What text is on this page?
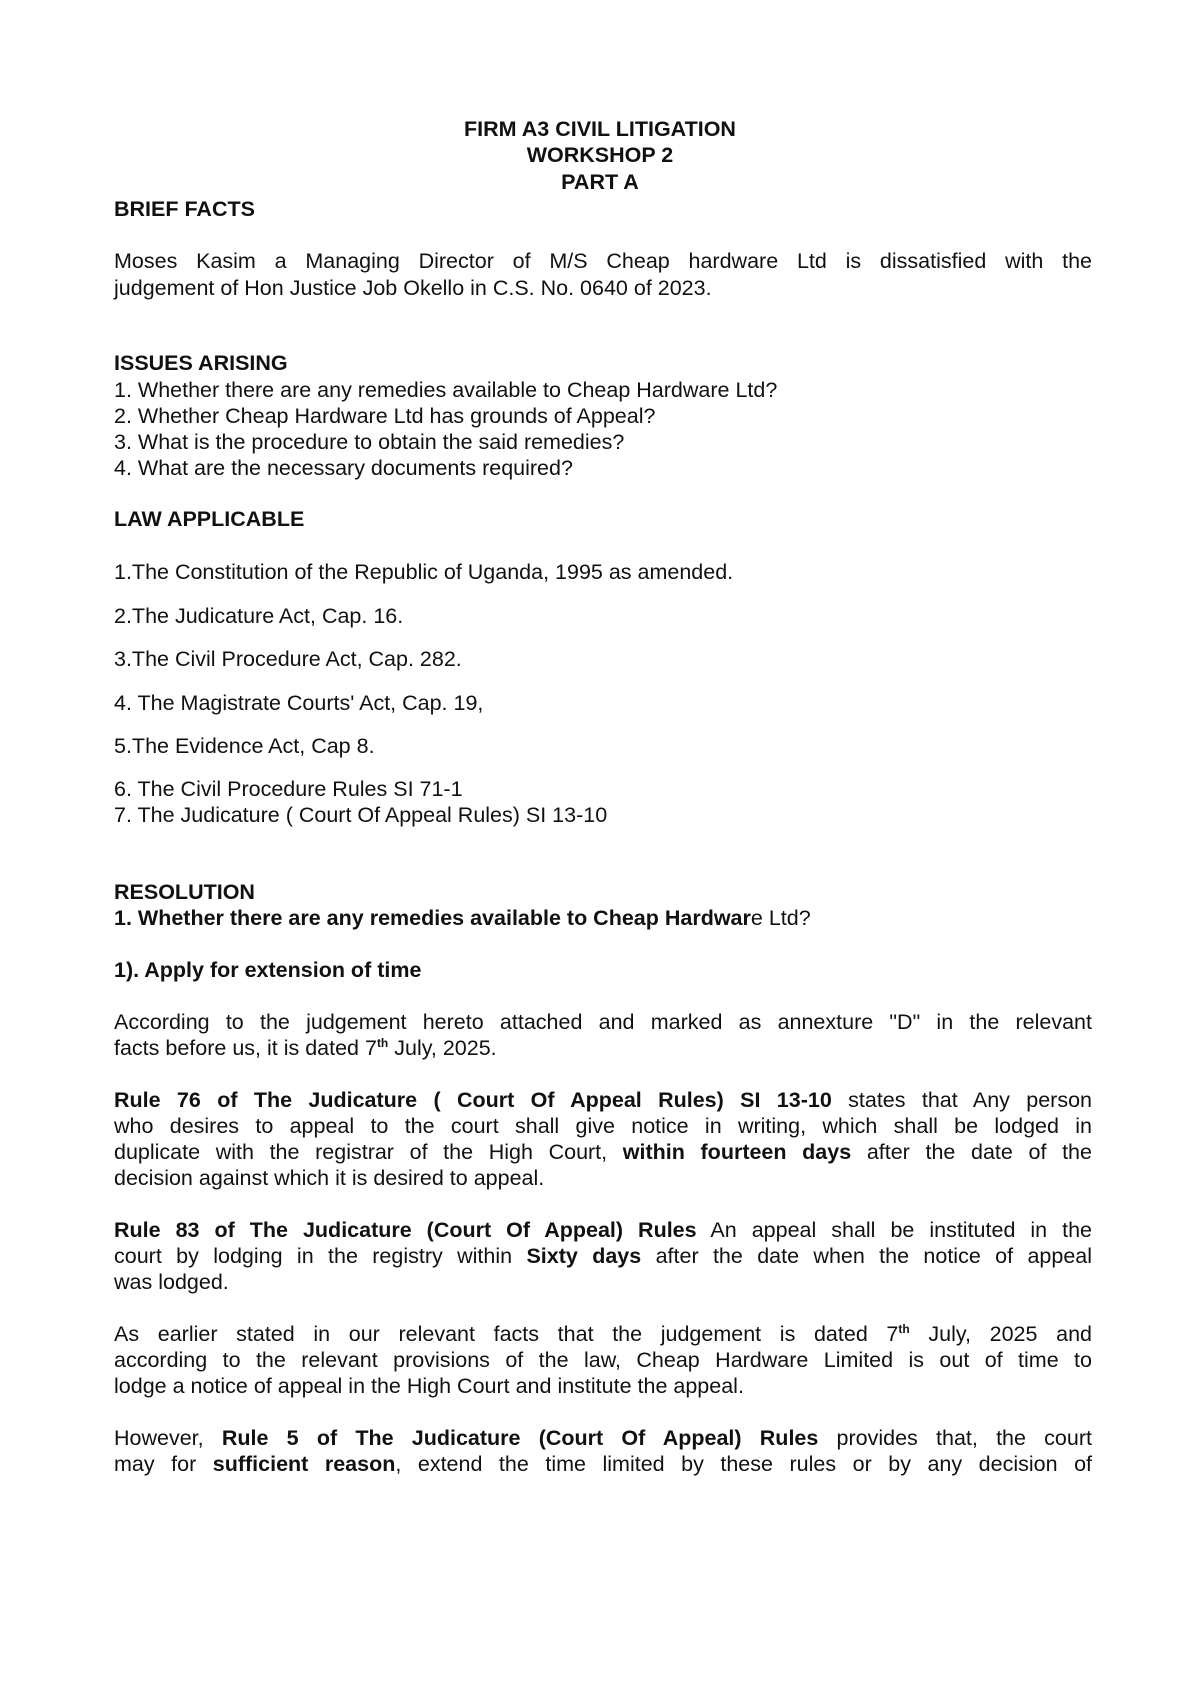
FIRM A3 CIVIL LITIGATION
WORKSHOP 2
PART A
BRIEF FACTS
Moses Kasim a Managing Director of M/S Cheap hardware Ltd is dissatisfied with the
judgement of Hon Justice Job Okello in C.S. No. 0640 of 2023.
ISSUES ARISING
1. Whether there are any remedies available to Cheap Hardware Ltd?
2. Whether Cheap Hardware Ltd has grounds of Appeal?
3. What is the procedure to obtain the said remedies?
4. What are the necessary documents required?
LAW APPLICABLE
1.The Constitution of the Republic of Uganda, 1995 as amended.
2.The Judicature Act, Cap. 16.
3.The Civil Procedure Act, Cap. 282.
4. The Magistrate Courts' Act, Cap. 19,
5.The Evidence Act, Cap 8.
6. The Civil Procedure Rules SI 71-1
7. The Judicature ( Court Of Appeal Rules) SI 13-10
RESOLUTION
1. Whether there are any remedies available to Cheap Hardware Ltd?
1). Apply for extension of time
According to the judgement hereto attached and marked as annexture "D" in the relevant
facts before us, it is dated 7th July, 2025.
Rule 76 of The Judicature ( Court Of Appeal Rules) SI 13-10 states that Any person
who desires to appeal to the court shall give notice in writing, which shall be lodged in
duplicate with the registrar of the High Court, within fourteen days after the date of the
decision against which it is desired to appeal.
Rule 83 of The Judicature (Court Of Appeal) Rules An appeal shall be instituted in the
court by lodging in the registry within Sixty days after the date when the notice of appeal
was lodged.
As earlier stated in our relevant facts that the judgement is dated 7th July, 2025 and
according to the relevant provisions of the law, Cheap Hardware Limited is out of time to
lodge a notice of appeal in the High Court and institute the appeal.
However, Rule 5 of The Judicature (Court Of Appeal) Rules provides that, the court
may for sufficient reason, extend the time limited by these rules or by any decision of
